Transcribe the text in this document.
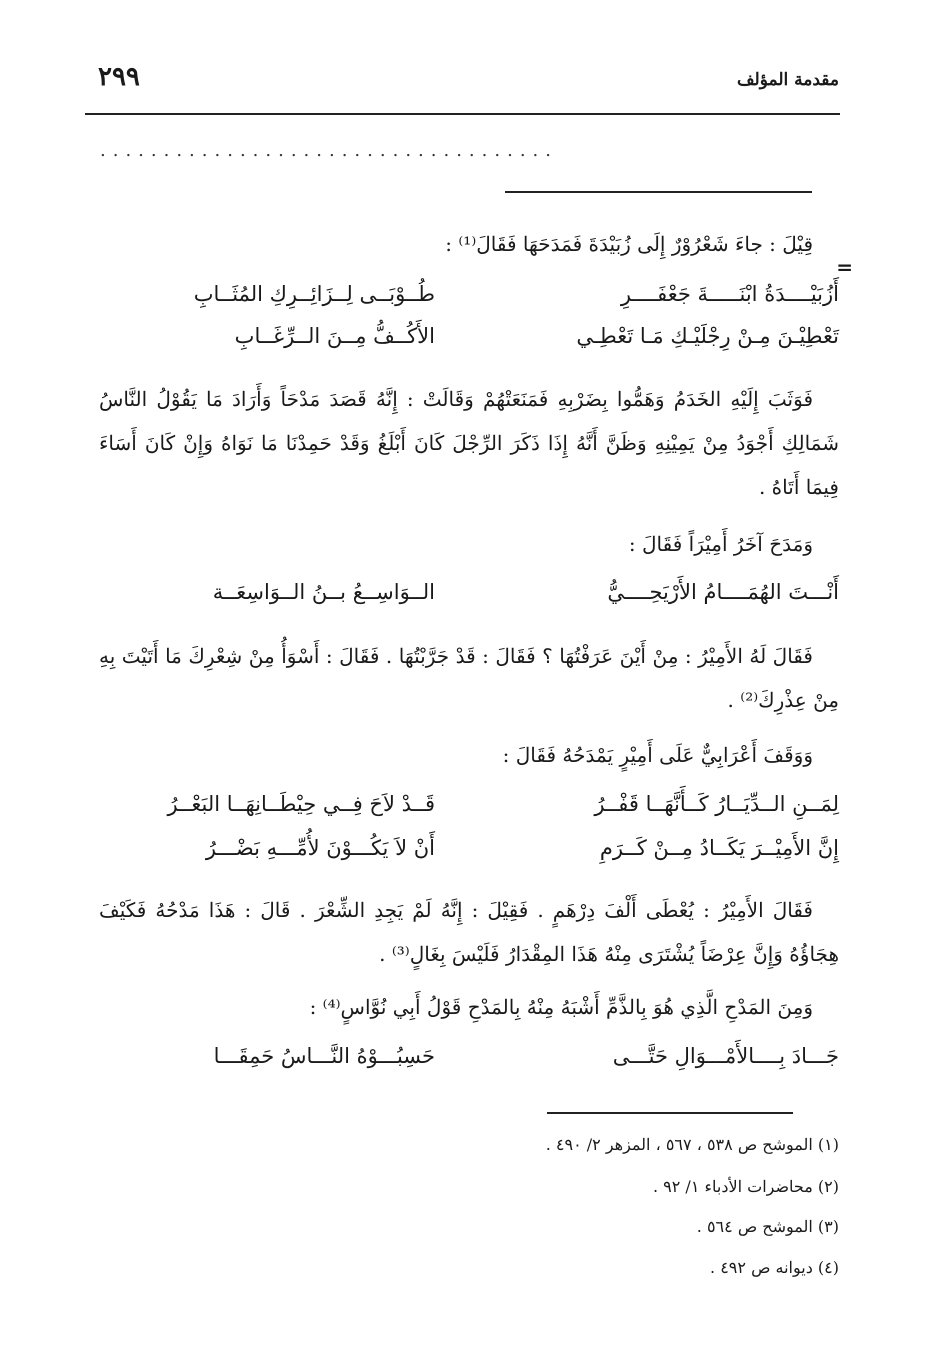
مقدمة المؤلف
٢٩٩
....................................
=

قِيْلَ : جاءَ شَعْرُوْرٌ إِلَى زُبَيْدَةَ فَمَدَحَهَا فَقَالَ⁽¹⁾ :

أَزُبَيْــــدَةُ ابْنَـــــةَ جَعْفَــــرِ
طُــوْبَــى لِــزَائِــرِكِ المُثَــابِ
تَعْطِيْـنَ مِـنْ رِجْلَيْـكِ مَـا تَعْطِـي
الأَكُــفُّ مِــنَ الــرِّغَــابِ

فَوَثَبَ إِلَيْهِ الخَدَمُ وَهَمُّوا بِضَرْبِهِ فَمَنَعَتْهُمْ وَقَالَتْ : إِنَّهُ قَصَدَ مَدْحَاً وَأَرَادَ مَا يَقُوْلُ النَّاسُ شَمَالِكِ أَجْوَدُ مِنْ يَمِيْنِهِ وَظَنَّ أَنَّهُ إِذَا ذَكَرَ الرِّجْلَ كَانَ أَبْلَغُ وَقَدْ حَمِدْنَا مَا نَوَاهُ وَإِنْ كَانَ أَسَاءَ فِيمَا أَتَاهُ .

وَمَدَحَ آخَرُ أَمِيْرَاً فَقَالَ :

أَنْـــتَ الهُمَــــامُ الأَرْيَحِــــيُّ
الــوَاسِــعُ بــنُ الــوَاسِعَــة

فَقَالَ لَهُ الأَمِيْرُ : مِنْ أَيْنَ عَرَفْتُهَا ؟ فَقَالَ : قَدْ جَرَّبْتُهَا . فَقَالَ : أَسْوَأُ مِنْ شِعْرِكَ مَا أَتَيْتَ بِهِ مِنْ عِذْرِكَ⁽²⁾ .

وَوَقَفَ أَعْرَابِيٌّ عَلَى أَمِيْرٍ يَمْدَحُهُ فَقَالَ :

لِمَــنِ الــدِّيَــارُ كَــأَنَّهَــا قَفْــرُ
قَــدْ لاَحَ فِــي حِيْطَــانِهَــا البَعْــرُ
إِنَّ الأَمِيْــرَ يَكَــادُ مِــنْ كَــرَمِ
أَنْ لاَ يَكُـــوْنَ لأُمِّـــهِ بَضْـــرُ

فَقَالَ الأَمِيْرُ : يُعْطَى أَلْفَ دِرْهَمٍ . فَقِيْلَ : إِنَّهُ لَمْ يَجِدِ الشِّعْرَ . قَالَ : هَذَا مَدْحُهُ فَكَيْفَ هِجَاؤُهُ وَإِنَّ عِرْضَاً يُشْتَرَى مِنْهُ هَذَا المِقْدَارُ فَلَيْسَ بِغَالٍ⁽³⁾ .

وَمِنَ المَدْحِ الَّذِي هُوَ بِالذَّمِّ أَشْبَهُ مِنْهُ بِالمَدْحِ قَوْلُ أَبِي نُوَّاسٍ⁽⁴⁾ :

جَـــادَ بِــــالأَمْـــوَالِ حَتَّـــى
حَسِبُـــوْهُ النَّـــاسُ حَمِقَـــا
(١) الموشح ص ٥٣٨ ، ٥٦٧ ، المزهر ٢/ ٤٩٠ .
(٢) محاضرات الأدباء ١/ ٩٢ .
(٣) الموشح ص ٥٦٤ .
(٤) ديوانه ص ٤٩٢ .
